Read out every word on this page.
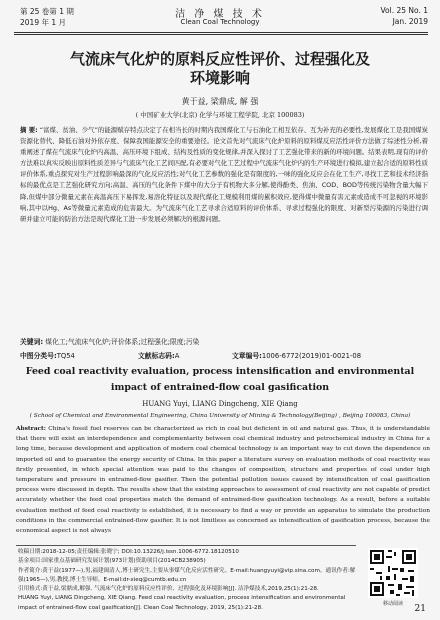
第 25 卷第 1 期
2019 年 1 月
洁 净 煤 技 术
Clean Coal Technology
Vol. 25 No. 1
Jan. 2019
气流床气化炉的原料反应性评价、过程强化及
环境影响
黄于益, 梁鼎成, 解 强
( 中国矿业大学(北京) 化学与环境工程学院, 北京 100083)
摘 要: “富煤、贫油、少气”的能源赋存特点决定了在相当长的时期内我国煤化工与石油化工相互依存、互为补充的必要性,发展煤化工是我国煤炭资源化替代、降低石油对外依存度、保障我国能源安全的重要途径。论文首先对气流床气化炉原料的原料煤反应活性评价方法做了综述性分析,着重阐述了煤在气流床气化炉内高温、高压环境下组成、结构及性质的变化规律,并深入探讨了工艺强化带来的新的环境问题。结果表明,现有的评价方法难以真实反映出原料性质差异与气流床气化工艺间匹配,有必要对气化工艺过程中气流床气化炉内的生产环境进行模拟,建立起合适的原料性质评价体系,重点探究对生产过程影响最深的气化反应活性;对气化工艺参数的强化是有限度的,一味的强化反应会在化工生产,寻找工艺和技术经济指标的最优点是工艺强化研究方向;高温、高压的气化条件下煤中的大分子有机物大多分解,使得酚类、焦油、COD、BOD等传统污染物含量大幅下降,但煤中部分微量元素在高温高压下易挥发,易溶化特征以及现代煤化工规模利用煤的累积效应,使得煤中微量有害元素或造成不可忽视的环境影响,其中以Hg、As等微量元素造成的危害最大。为气流床气化工艺寻求合适原料的评价体系、寻求过程强化的限度、对新型污染源的污染进行调研并建立可能的防治方法是现代煤化工进一步发展必须解决的根源问题。
关键词: 煤化工;气流床气化炉;评价体系;过程强化;限度;污染
中图分类号:TQ54	文献标志码:A	文章编号:1006-6772(2019)01-0021-08
Feed coal reactivity evaluation, process intensification and environmental
impact of entrained-flow coal gasification
HUANG Yuyi, LIANG Dingcheng, XIE Qiang
( School of Chemical and Environmental Engineering, China University of Mining & Technology(Beijing) , Beijing 100083, China)
Abstract: China's fossil fuel reserves can be characterized as rich in coal but deficient in oil and natural gas. Thus, it is understandable that there will exist an interdependence and complementarity between coal chemical industry and petrochemical industry in China for a long time, because development and application of modern coal chemical technology is an important way to cut down the dependence on imported oil and to guarantee the energy security of China. In this paper a literature survey on evaluation methods of coal reactivity was firstly presented, in which special attention was paid to the changes of composition, structure and properties of coal under high temperature and pressure in entrained-flow gasifier. Then the potential pollution issues caused by intensification of coal gasification process were discussed in depth. The results show that the existing approaches to assessment of coal reactivity are not capable of predict accurately whether the feed coal properties match the demand of entrained-flow gasification technology. As a result, before a suitable evaluation method of feed coal reactivity is established, it is necessary to find a way or provide an apparatus to simulate the production conditions in the commercial entrained-flow gasifier. It is not limitless as concerned as intensification of gasification process, because the economical aspect is not always
收稿日期:2018-12-05;责任编辑:张晓宁; DOI:10.13226/j.issn.1006-6772.18120510
基金项目:国家重点基础研究发展计划(973计划)资助项目(2014CB238905)
作者简介:黄于益(1977—),男,福建闽清人,博士研究生,主要从事煤气化反应活性研究。E-mail:huangyuyi@vip.sina.com。通讯作者:解强(1965—),男,教授,博士生导师。E-mail:dr-xieq@cumtb.edu.cn
引用格式:黄于益,梁鼎成,解强. 气流床气化炉的原料反应性评价、过程强化及环境影响[J]. 洁净煤技术,2019,25(1):21-28.
HUANG Yuyi, LIANG Dingcheng, XIE Qiang. Feed coal reactivity evaluation, process intensification and environmental impact of entrained-flow coal gasification[J]. Clean Coal Technology, 2019, 25(1):21-28.
移动阅读	21
